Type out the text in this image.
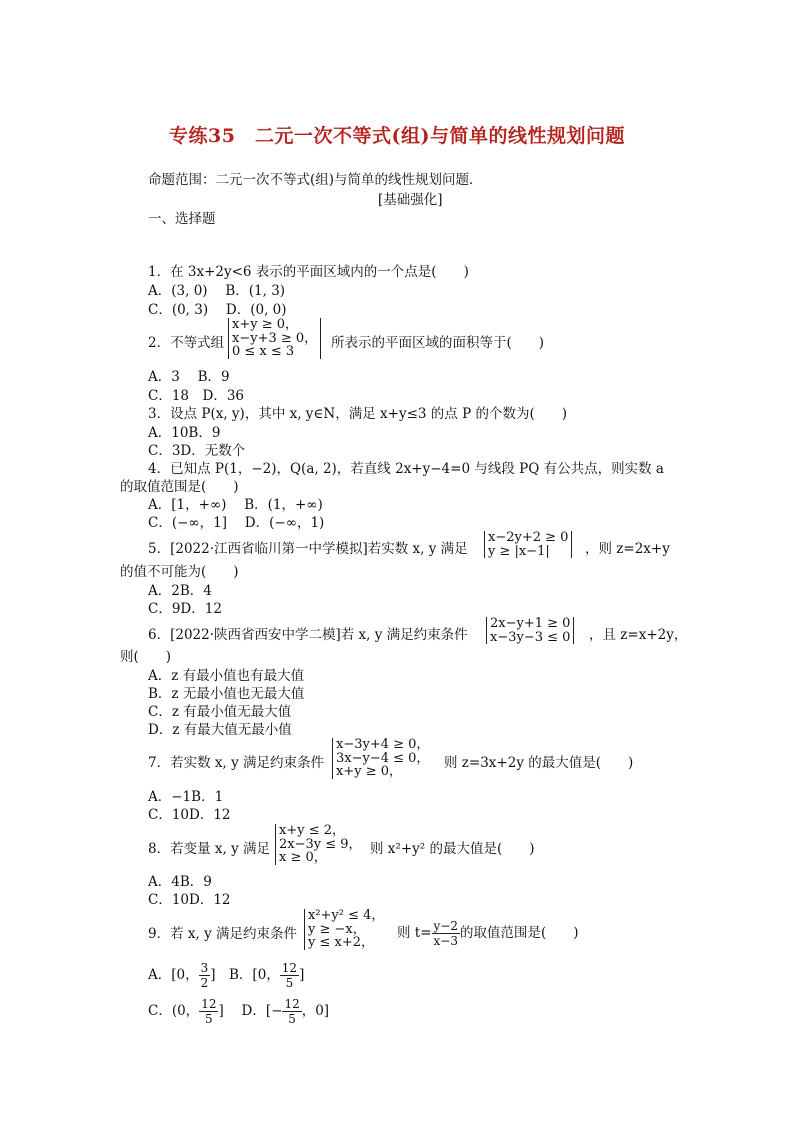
专练35　二元一次不等式(组)与简单的线性规划问题
命题范围：二元一次不等式(组)与简单的线性规划问题．
[基础强化]
一、选择题
1．在 3x+2y<6 表示的平面区域内的一个点是(　　)
A．(3, 0)　 B．(1, 3)
C．(0, 3)　 D．(0, 0)
2．不等式组
x+y ≥ 0，
x−y+3 ≥ 0，
0 ≤ x ≤ 3
所表示的平面区域的面积等于(　　)
A．3　 B．9
C．18　D．36
3．设点 P(x, y)，其中 x, y∈N，满足 x+y≤3 的点 P 的个数为(　　)
A．10B．9
C．3D．无数个
4．已知点 P(1，−2)，Q(a, 2)，若直线 2x+y−4=0 与线段 PQ 有公共点，则实数 a
的取值范围是(　　)
A．[1，+∞)　 B．(1，+∞)
C．(−∞，1]　 D．(−∞，1)
5．[2022·江西省临川第一中学模拟]若实数 x, y 满足
x−2y+2 ≥ 0
y ≥ |x−1|	，则 z=2x+y
的值不可能为(　　)
A．2B．4
C．9D．12
6．[2022·陕西省西安中学二模]若 x, y 满足约束条件
2x−y+1 ≥ 0
x−3y−3 ≤ 0 ，且 z=x+2y，
则(　　)
A．z 有最小值也有最大值
B．z 无最小值也无最大值
C．z 有最小值无最大值
D．z 有最大值无最小值
7．若实数 x, y 满足约束条件
x−3y+4 ≥ 0，
3x−y−4 ≤ 0，
x+y ≥ 0，
则 z=3x+2y 的最大值是(　　)
A．−1B．1
C．10D．12
8．若变量 x, y 满足
x+y ≤ 2，
2x−3y ≤ 9，
x ≥ 0，
则 x²+y² 的最大值是(　　)
A．4B．9
C．10D．12
9．若 x, y 满足约束条件
x²+y² ≤ 4，
y ≥ −x，
y ≤ x+2，
则 $t= \frac{y-2}{x-3}$ 的取值范围是(　　)
A．[0， $\frac{3}{2}$ ]　B．[0， $\frac{12}{5}$ ]
C．(0， $\frac{12}{5}$ ]　 D．[− $\frac{12}{5}$ ，0]
